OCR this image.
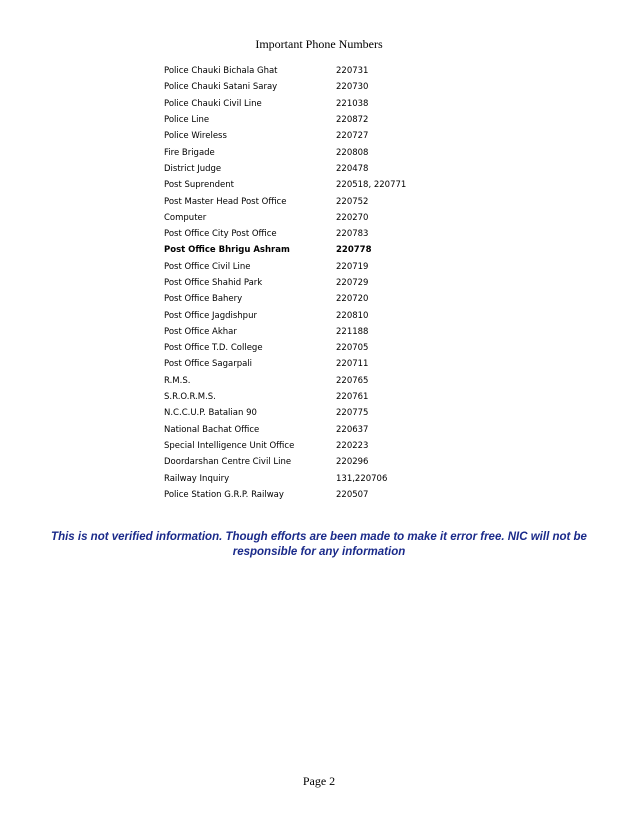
Important Phone Numbers
Police Chauki Bichala Ghat	220731
Police Chauki Satani Saray	220730
Police Chauki Civil Line	221038
Police Line	220872
Police Wireless	220727
Fire Brigade	220808
District Judge	220478
Post Suprendent	220518, 220771
Post Master Head Post Office	220752
Computer	220270
Post Office City Post Office	220783
Post Office Bhrigu Ashram	220778
Post Office Civil Line	220719
Post Office Shahid Park	220729
Post Office Bahery	220720
Post Office Jagdishpur	220810
Post Office Akhar	221188
Post Office T.D. College	220705
Post Office Sagarpali	220711
R.M.S.	220765
S.R.O.R.M.S.	220761
N.C.C.U.P. Batalian 90	220775
National Bachat Office	220637
Special Intelligence Unit Office	220223
Doordarshan Centre Civil Line	220296
Railway Inquiry	131,220706
Police Station G.R.P. Railway	220507
This is not verified information. Though efforts are been made to make it error free. NIC will not be responsible for any information
Page 2
